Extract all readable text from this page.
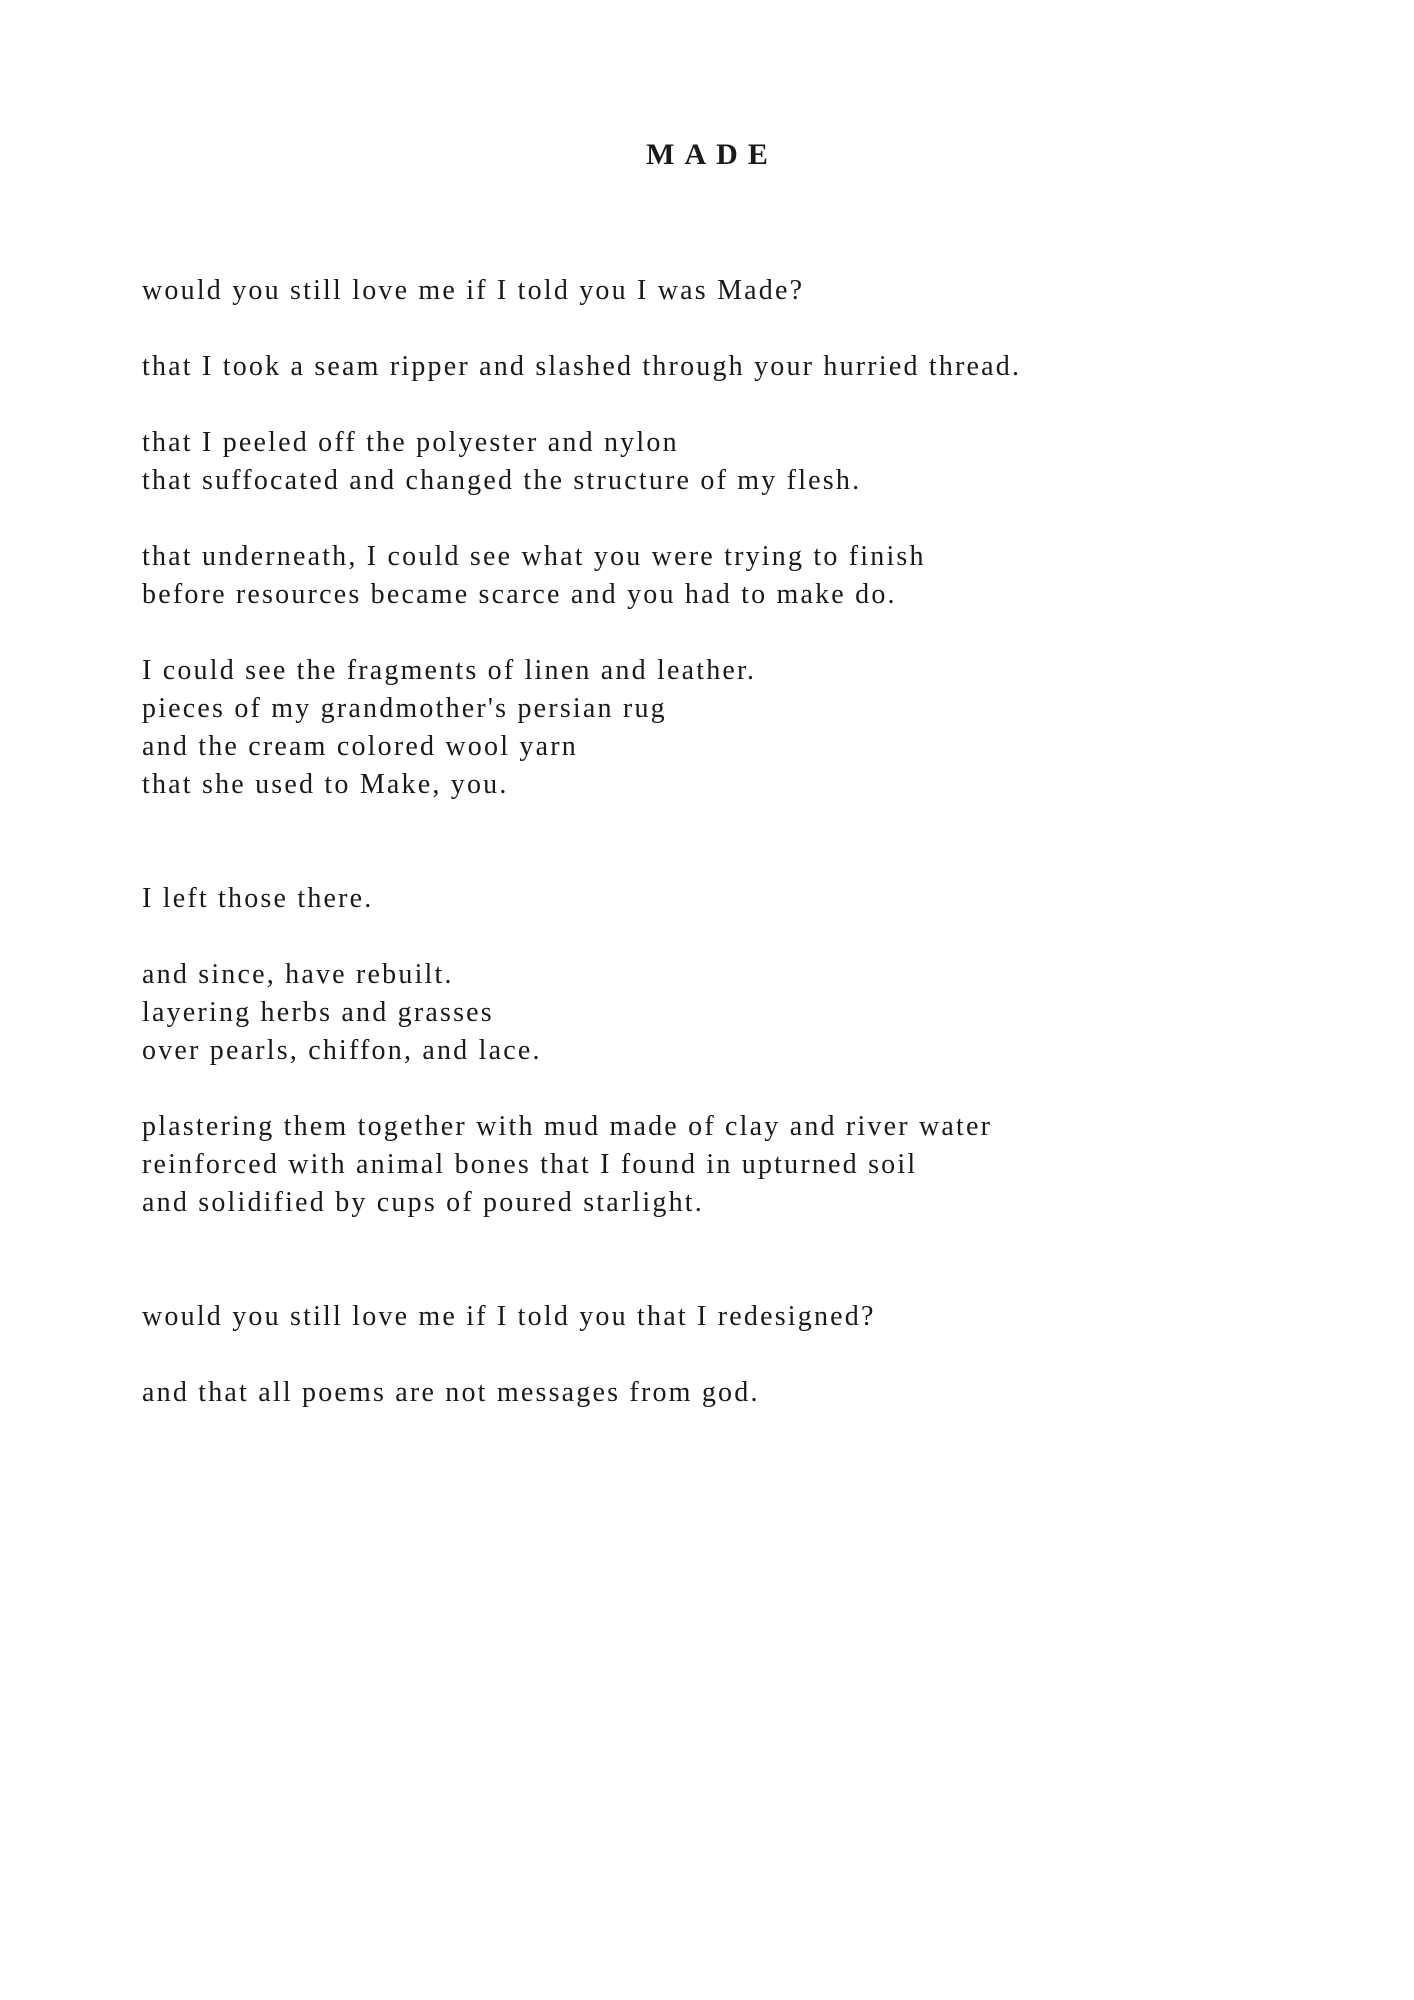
MADE
would you still love me if I told you I was Made?
that I took a seam ripper and slashed through your hurried thread.
that I peeled off the polyester and nylon
that suffocated and changed the structure of my flesh.
that underneath, I could see what you were trying to finish
before resources became scarce and you had to make do.
I could see the fragments of linen and leather.
pieces of my grandmother's persian rug
and the cream colored wool yarn
that she used to Make, you.
I left those there.
and since, have rebuilt.
layering herbs and grasses
over pearls, chiffon, and lace.
plastering them together with mud made of clay and river water
reinforced with animal bones that I found in upturned soil
and solidified by cups of poured starlight.
would you still love me if I told you that I redesigned?
and that all poems are not messages from god.
